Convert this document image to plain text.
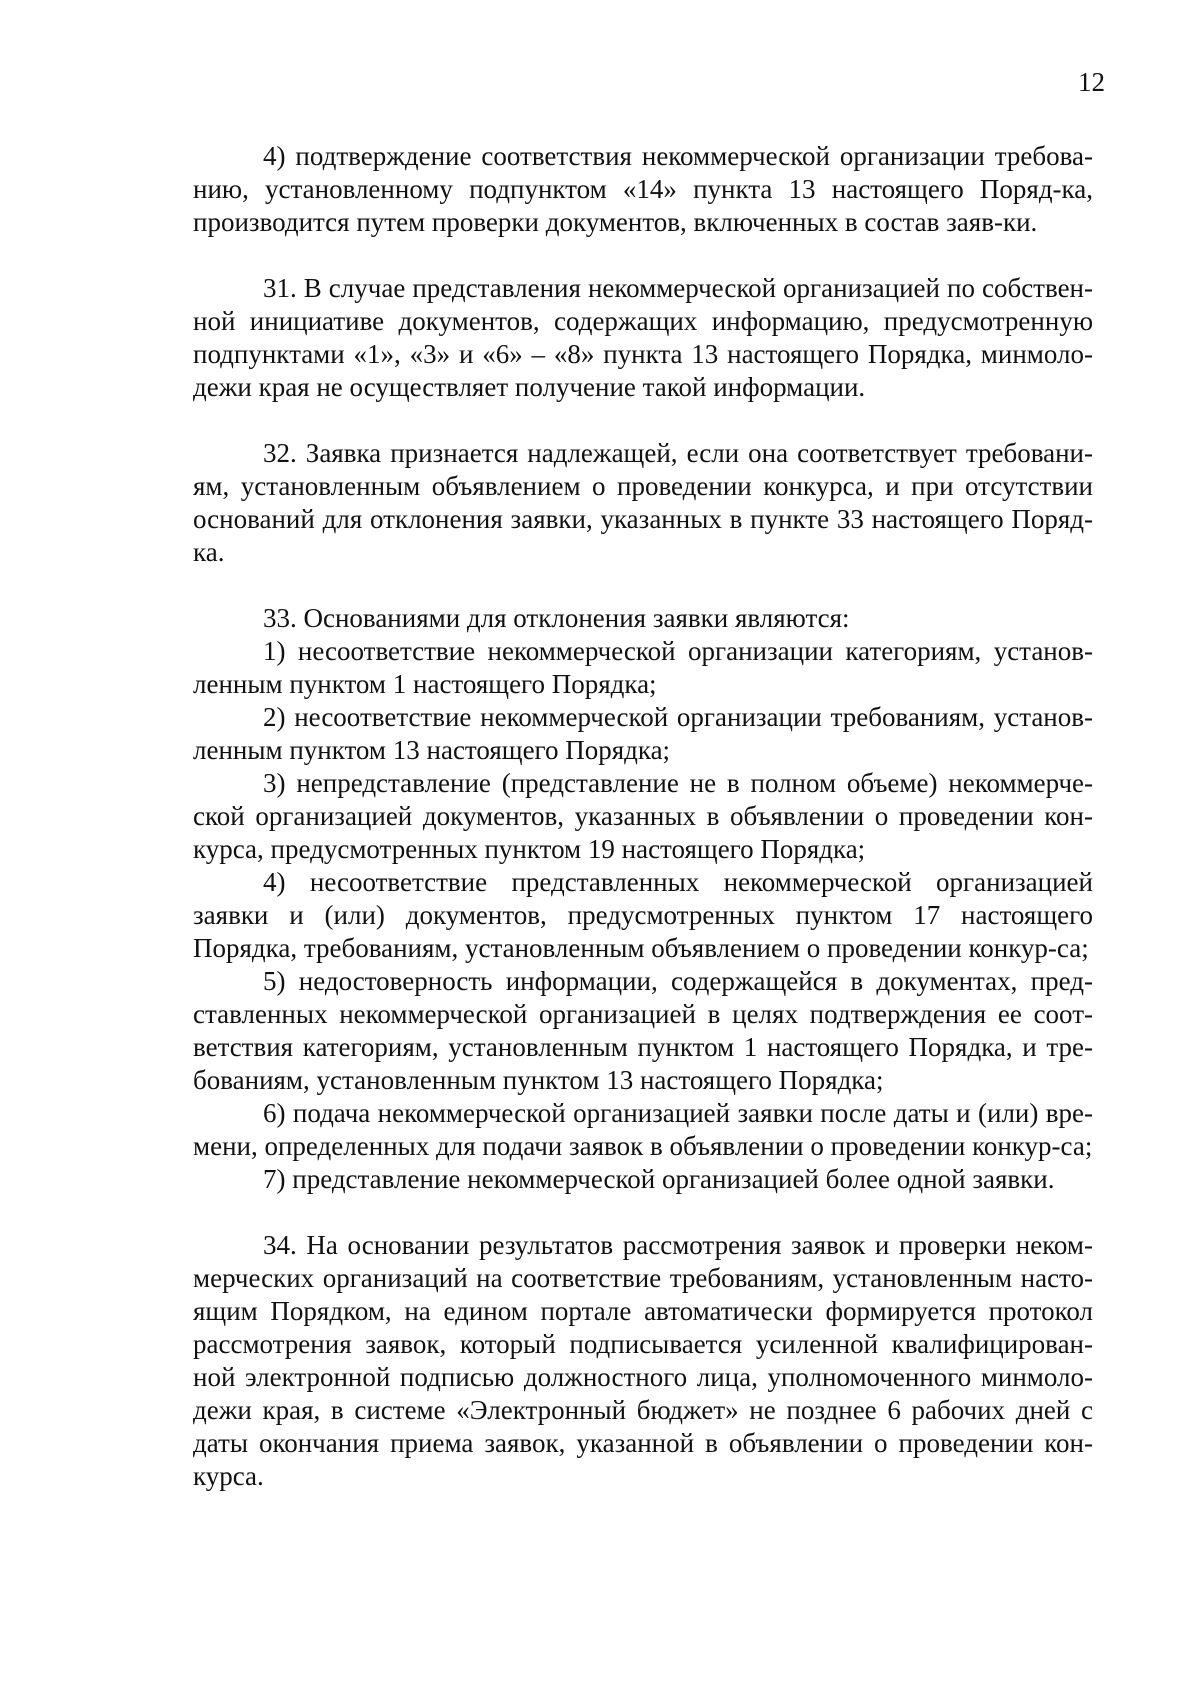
12

4) подтверждение соответствия некоммерческой организации требова-нию, установленному подпунктом «14» пункта 13 настоящего Поряд-ка, производится путем проверки документов, включенных в состав заяв-ки.

31. В случае представления некоммерческой организацией по собствен-ной инициативе документов, содержащих информацию, предусмотренную подпунктами «1», «3» и «6» – «8» пункта 13 настоящего Порядка, минмоло-дежи края не осуществляет получение такой информации.

32. Заявка признается надлежащей, если она соответствует требовани-ям, установленным объявлением о проведении конкурса, и при отсутствии оснований для отклонения заявки, указанных в пункте 33 настоящего Поряд-ка.

33. Основаниями для отклонения заявки являются:

1) несоответствие некоммерческой организации категориям, установ-ленным пунктом 1 настоящего Порядка;

2) несоответствие некоммерческой организации требованиям, установ-ленным пунктом 13 настоящего Порядка;

3) непредставление (представление не в полном объеме) некоммерче-ской организацией документов, указанных в объявлении о проведении кон-курса, предусмотренных пунктом 19 настоящего Порядка;

4) несоответствие представленных некоммерческой организацией заявки и (или) документов, предусмотренных пунктом 17 настоящего Порядка, требованиям, установленным объявлением о проведении конкур-са;

5) недостоверность информации, содержащейся в документах, пред-ставленных некоммерческой организацией в целях подтверждения ее соот-ветствия категориям, установленным пунктом 1 настоящего Порядка, и тре-бованиям, установленным пунктом 13 настоящего Порядка;

6) подача некоммерческой организацией заявки после даты и (или) вре-мени, определенных для подачи заявок в объявлении о проведении конкур-са;

7) представление некоммерческой организацией более одной заявки.

34. На основании результатов рассмотрения заявок и проверки неком-мерческих организаций на соответствие требованиям, установленным насто-ящим Порядком, на едином портале автоматически формируется протокол рассмотрения заявок, который подписывается усиленной квалифицирован-ной электронной подписью должностного лица, уполномоченного минмоло-дежи края, в системе «Электронный бюджет» не позднее 6 рабочих дней с даты окончания приема заявок, указанной в объявлении о проведении кон-курса.
